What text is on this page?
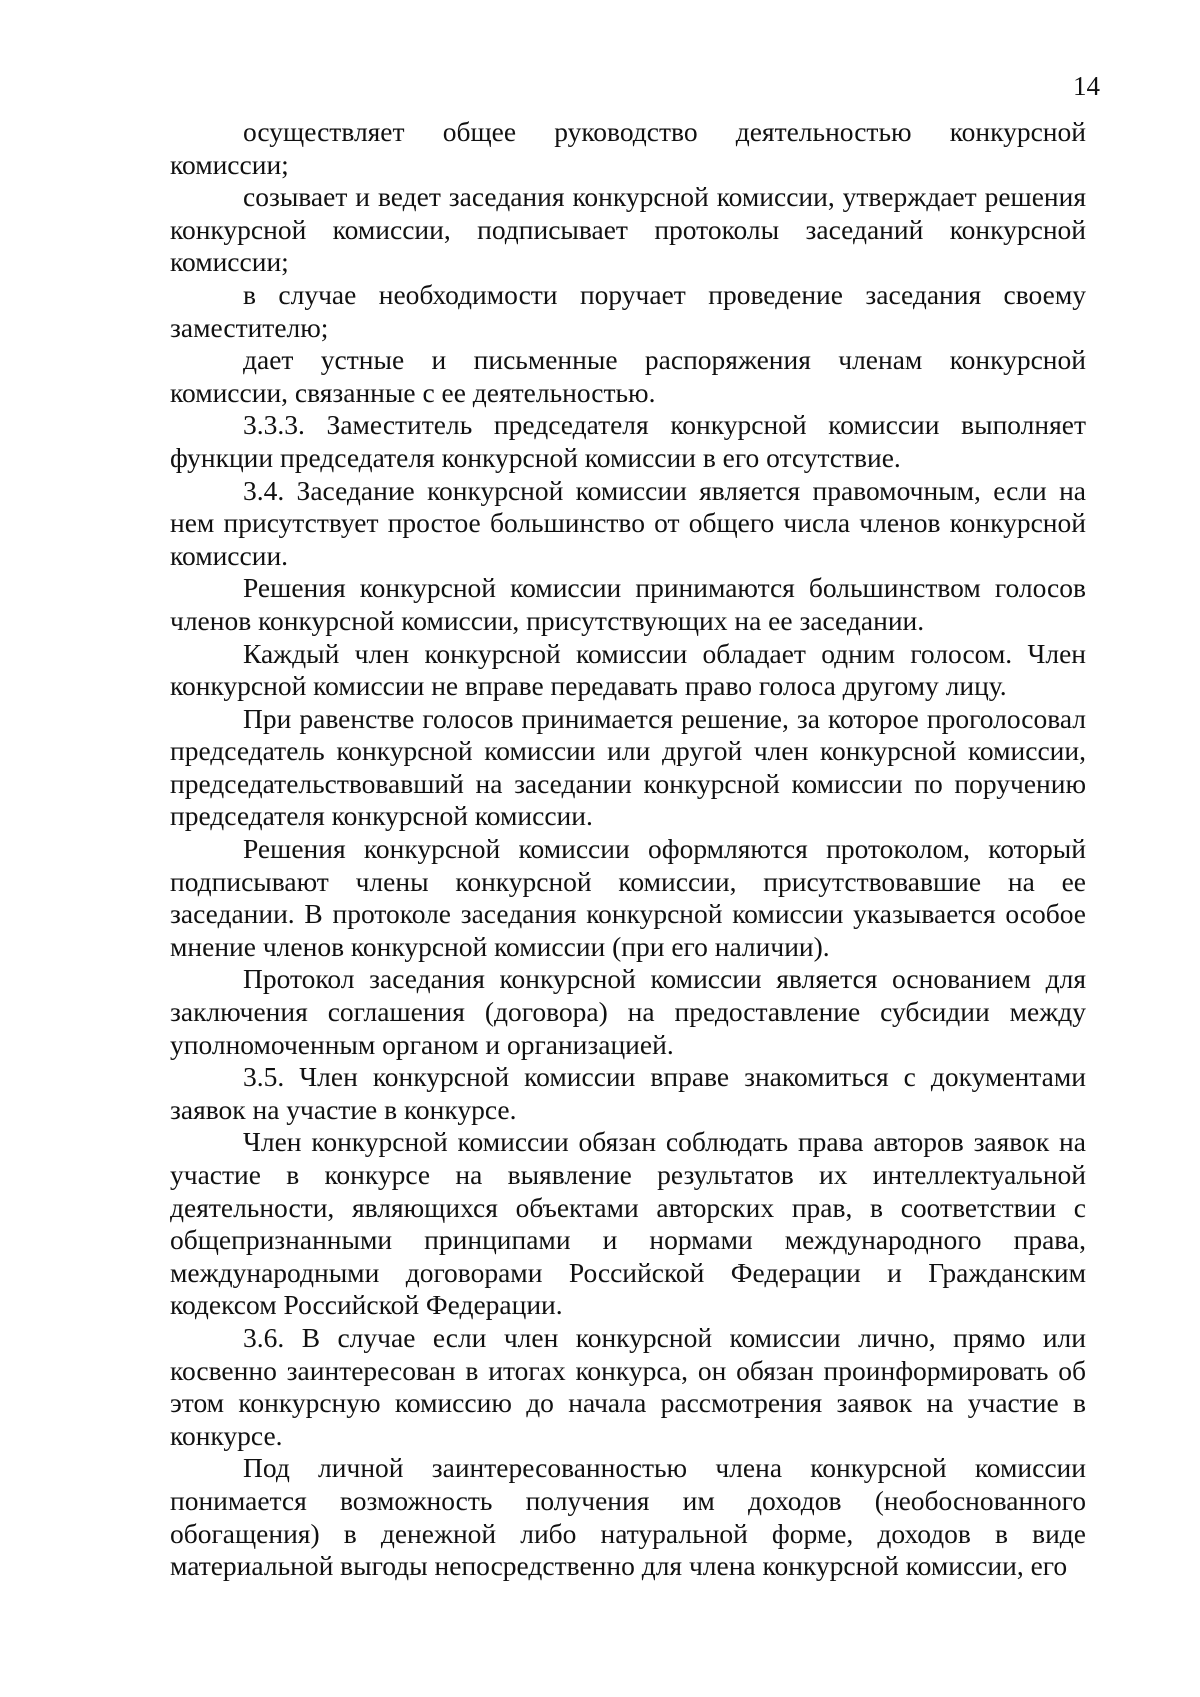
14

осуществляет общее руководство деятельностью конкурсной комиссии;

созывает и ведет заседания конкурсной комиссии, утверждает решения конкурсной комиссии, подписывает протоколы заседаний конкурсной комиссии;

в случае необходимости поручает проведение заседания своему заместителю;

дает устные и письменные распоряжения членам конкурсной комиссии, связанные с ее деятельностью.

3.3.3. Заместитель председателя конкурсной комиссии выполняет функции председателя конкурсной комиссии в его отсутствие.

3.4. Заседание конкурсной комиссии является правомочным, если на нем присутствует простое большинство от общего числа членов конкурсной комиссии.

Решения конкурсной комиссии принимаются большинством голосов членов конкурсной комиссии, присутствующих на ее заседании.

Каждый член конкурсной комиссии обладает одним голосом. Член конкурсной комиссии не вправе передавать право голоса другому лицу.

При равенстве голосов принимается решение, за которое проголосовал председатель конкурсной комиссии или другой член конкурсной комиссии, председательствовавший на заседании конкурсной комиссии по поручению председателя конкурсной комиссии.

Решения конкурсной комиссии оформляются протоколом, который подписывают члены конкурсной комиссии, присутствовавшие на ее заседании. В протоколе заседания конкурсной комиссии указывается особое мнение членов конкурсной комиссии (при его наличии).

Протокол заседания конкурсной комиссии является основанием для заключения соглашения (договора) на предоставление субсидии между уполномоченным органом и организацией.

3.5. Член конкурсной комиссии вправе знакомиться с документами заявок на участие в конкурсе.

Член конкурсной комиссии обязан соблюдать права авторов заявок на участие в конкурсе на выявление результатов их интеллектуальной деятельности, являющихся объектами авторских прав, в соответствии с общепризнанными принципами и нормами международного права, международными договорами Российской Федерации и Гражданским кодексом Российской Федерации.

3.6. В случае если член конкурсной комиссии лично, прямо или косвенно заинтересован в итогах конкурса, он обязан проинформировать об этом конкурсную комиссию до начала рассмотрения заявок на участие в конкурсе.

Под личной заинтересованностью члена конкурсной комиссии понимается возможность получения им доходов (необоснованного обогащения) в денежной либо натуральной форме, доходов в виде материальной выгоды непосредственно для члена конкурсной комиссии, его
